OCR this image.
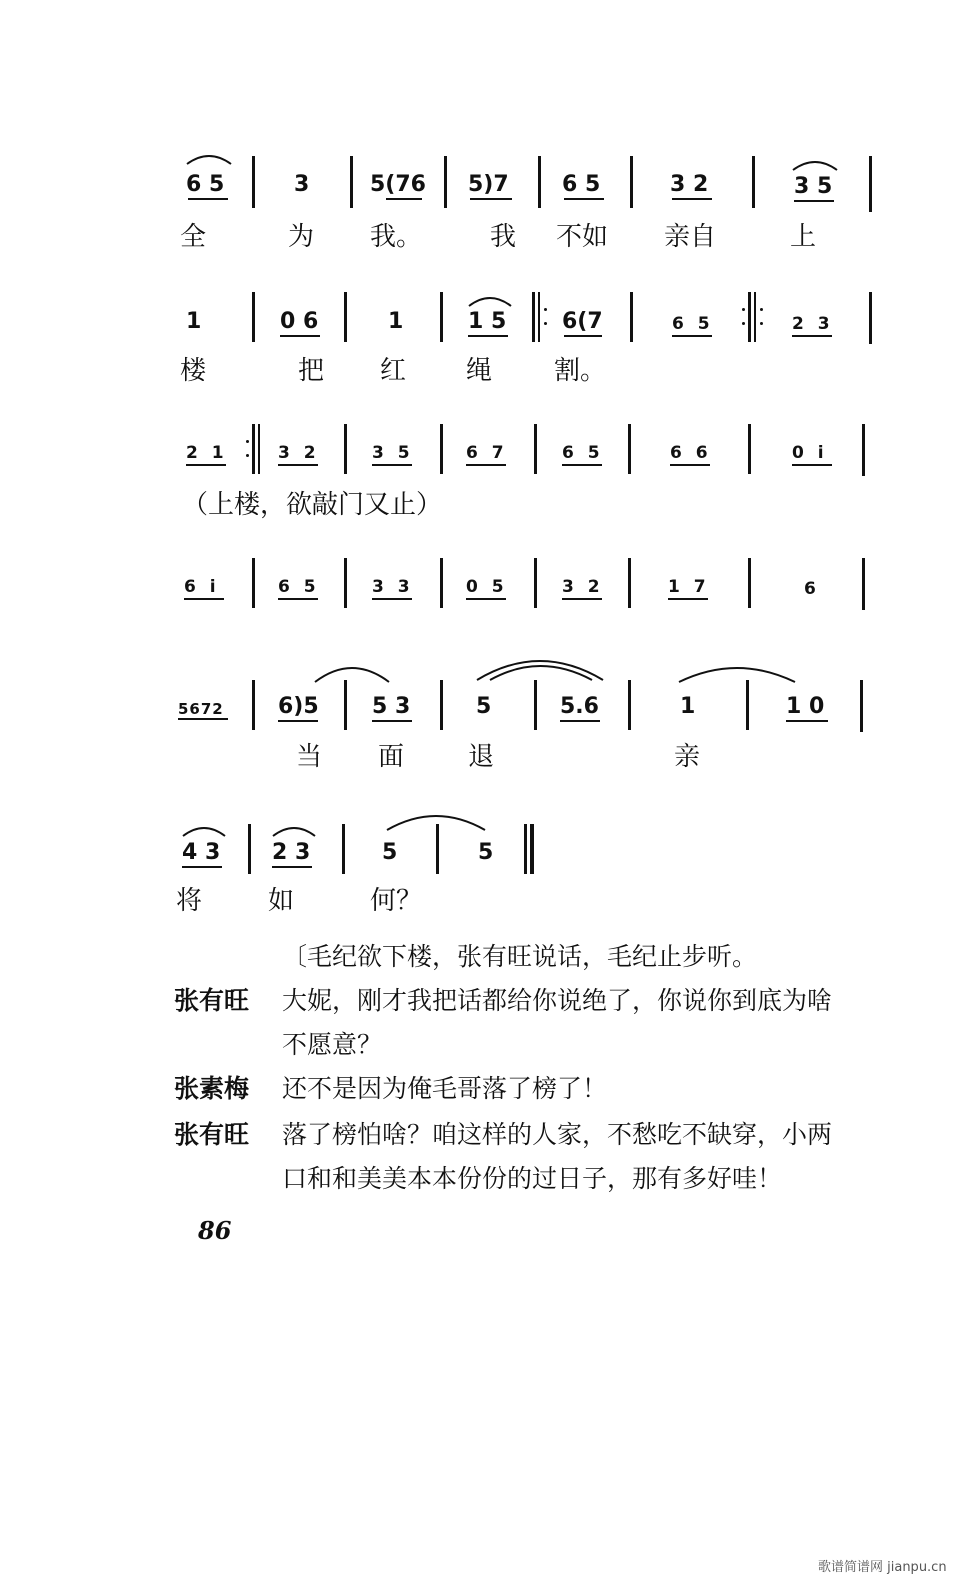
6 5	3	5(76 5)7 6 5	3 2	3 5
全	为 我。	我 不如 亲自	上
1	0 6	1	1 5	6(7	6 5	2 3
楼	把 红 绳 割。
2 1	3 2	3 5	6 7	6 5	6 6	0 i
（上楼，欲敲门又止）
6 i	6 5	3 3	0 5	3 2	1 7	6
5672 6)5 5 3	5	5.6	1	1 0
当 面 退	亲
4 3 2 3	5	5
将	如	何？
〔毛纪欲下楼，张有旺说话，毛纪止步听。
张有旺 大妮，刚才我把话都给你说绝了，你说你到底为啥
不愿意？
张素梅 还不是因为俺毛哥落了榜了！
张有旺 落了榜怕啥？咱这样的人家，不愁吃不缺穿，小两
口和和美美本本份份的过日子，那有多好哇！
86
歌谱简谱网 jianpu.cn
